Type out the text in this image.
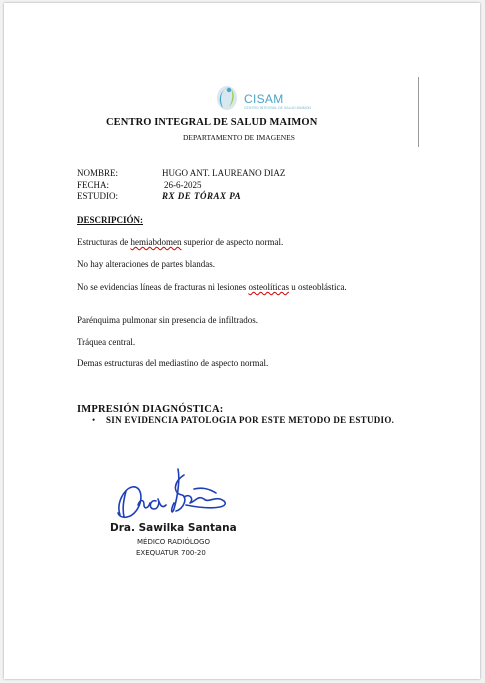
CISAM
CENTRO INTEGRAL DE SALUD MAIMON
CENTRO INTEGRAL DE SALUD MAIMON
DEPARTAMENTO DE IMAGENES
NOMBRE:	HUGO ANT. LAUREANO DIAZ
FECHA:	26-6-2025
ESTUDIO:	RX DE TÓRAX PA
DESCRIPCIÓN:
Estructuras de hemiabdomen superior de aspecto normal.
No hay alteraciones de partes blandas.
No se evidencias líneas de fracturas ni lesiones osteolíticas u osteoblástica.
Parénquima pulmonar sin presencia de infiltrados.
Tráquea central.
Demas estructuras del mediastino de aspecto normal.
IMPRESIÓN DIAGNÓSTICA:
• SIN EVIDENCIA PATOLOGIA POR ESTE METODO DE ESTUDIO.
Dra. Sawilka Santana
MÉDICO RADIÓLOGO
EXEQUATUR 700-20
